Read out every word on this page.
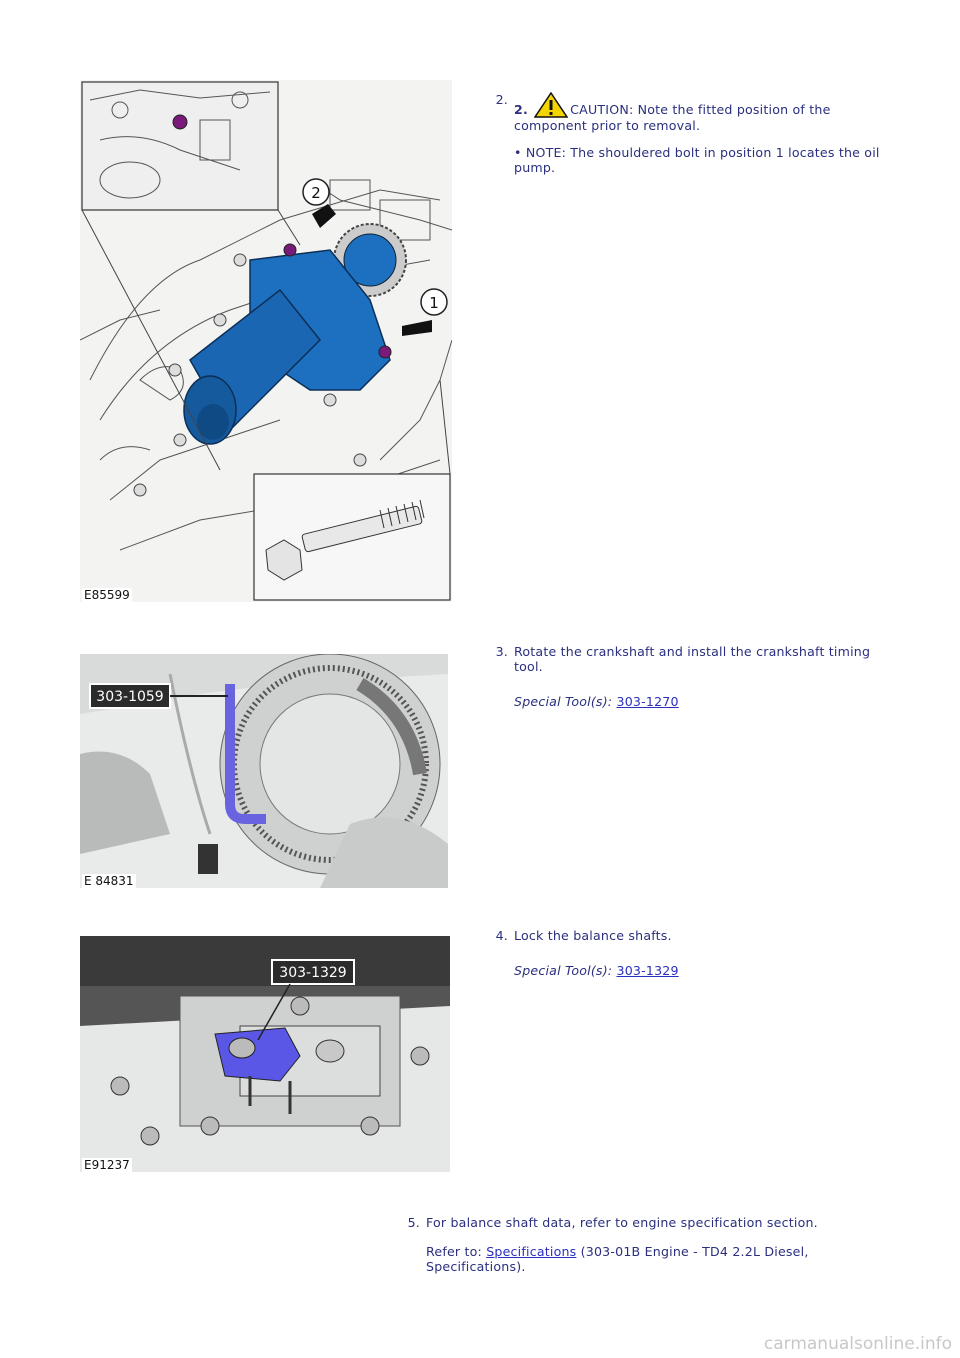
2
1
E85599
303-1059
E 84831
303-1329
E91237
2.

2.	CAUTION: Note the fitted position of the component prior to removal.

• NOTE: The shouldered bolt in position 1 locates the oil pump.

3. Rotate the crankshaft and install the crankshaft timing tool.

Special Tool(s): 303-1270

4. Lock the balance shafts.

Special Tool(s): 303-1329

5. For balance shaft data, refer to engine specification section.

Refer to: Specifications (303-01B Engine - TD4 2.2L Diesel, Specifications).

carmanualsonline.info
